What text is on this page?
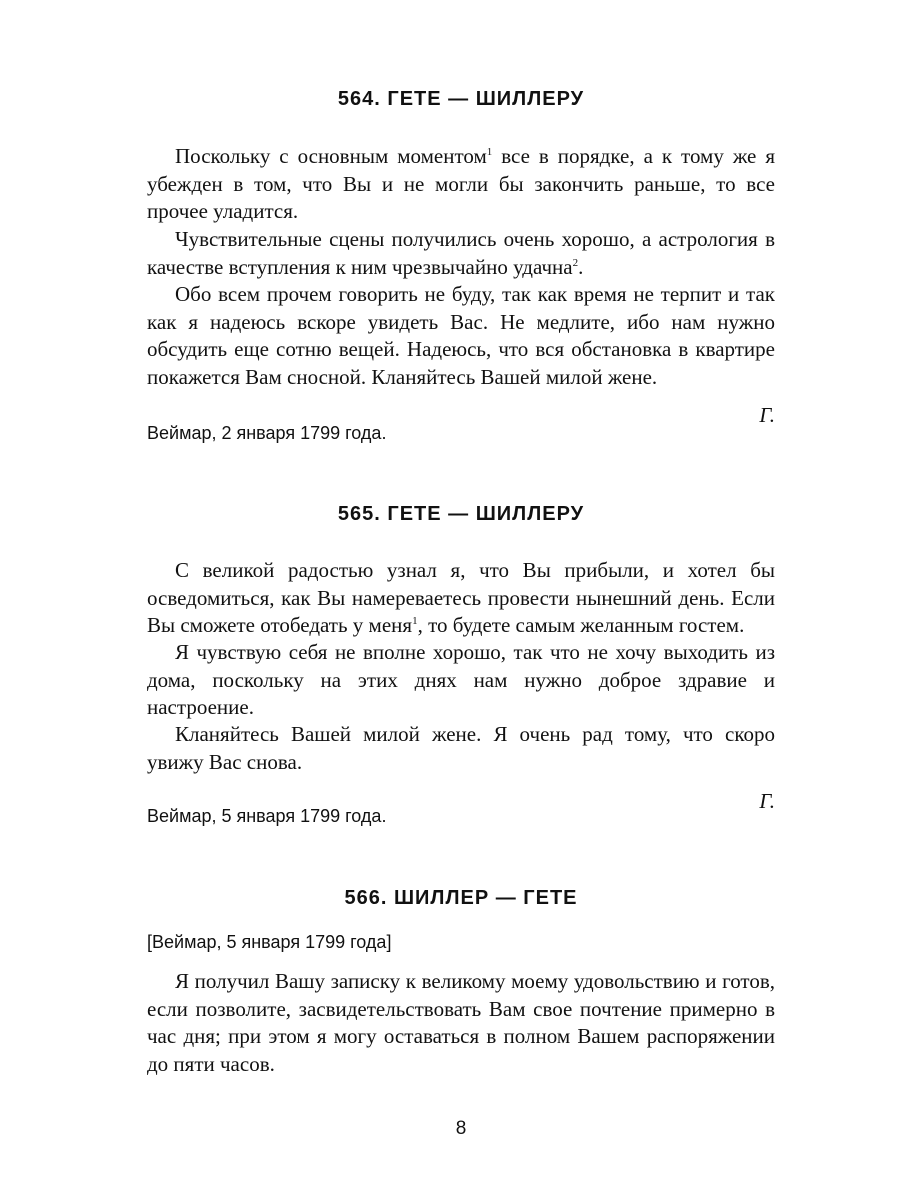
564. ГЕТЕ — ШИЛЛЕРУ

Поскольку с основным моментом$^1$ все в порядке, а к тому же я убежден в том, что Вы и не могли бы закончить раньше, то все прочее уладится.

Чувствительные сцены получились очень хорошо, а астрология в качестве вступления к ним чрезвычайно удачна$^2$.

Обо всем прочем говорить не буду, так как время не терпит и так как я надеюсь вскоре увидеть Вас. Не медлите, ибо нам нужно обсудить еще сотню вещей. Надеюсь, что вся обстановка в квартире покажется Вам сносной. Кланяйтесь Вашей милой жене.

Г.
Веймар, 2 января 1799 года.
565. ГЕТЕ — ШИЛЛЕРУ

С великой радостью узнал я, что Вы прибыли, и хотел бы осведомиться, как Вы намереваетесь провести нынешний день. Если Вы сможете отобедать у меня$^1$, то будете самым желанным гостем.

Я чувствую себя не вполне хорошо, так что не хочу выходить из дома, поскольку на этих днях нам нужно доброе здравие и настроение.

Кланяйтесь Вашей милой жене. Я очень рад тому, что скоро увижу Вас снова.

Г.
Веймар, 5 января 1799 года.
566. ШИЛЛЕР — ГЕТЕ
[Веймар, 5 января 1799 года]

Я получил Вашу записку к великому моему удовольствию и готов, если позволите, засвидетельствовать Вам свое почтение примерно в час дня; при этом я могу оставаться в полном Вашем распоряжении до пяти часов.

8
